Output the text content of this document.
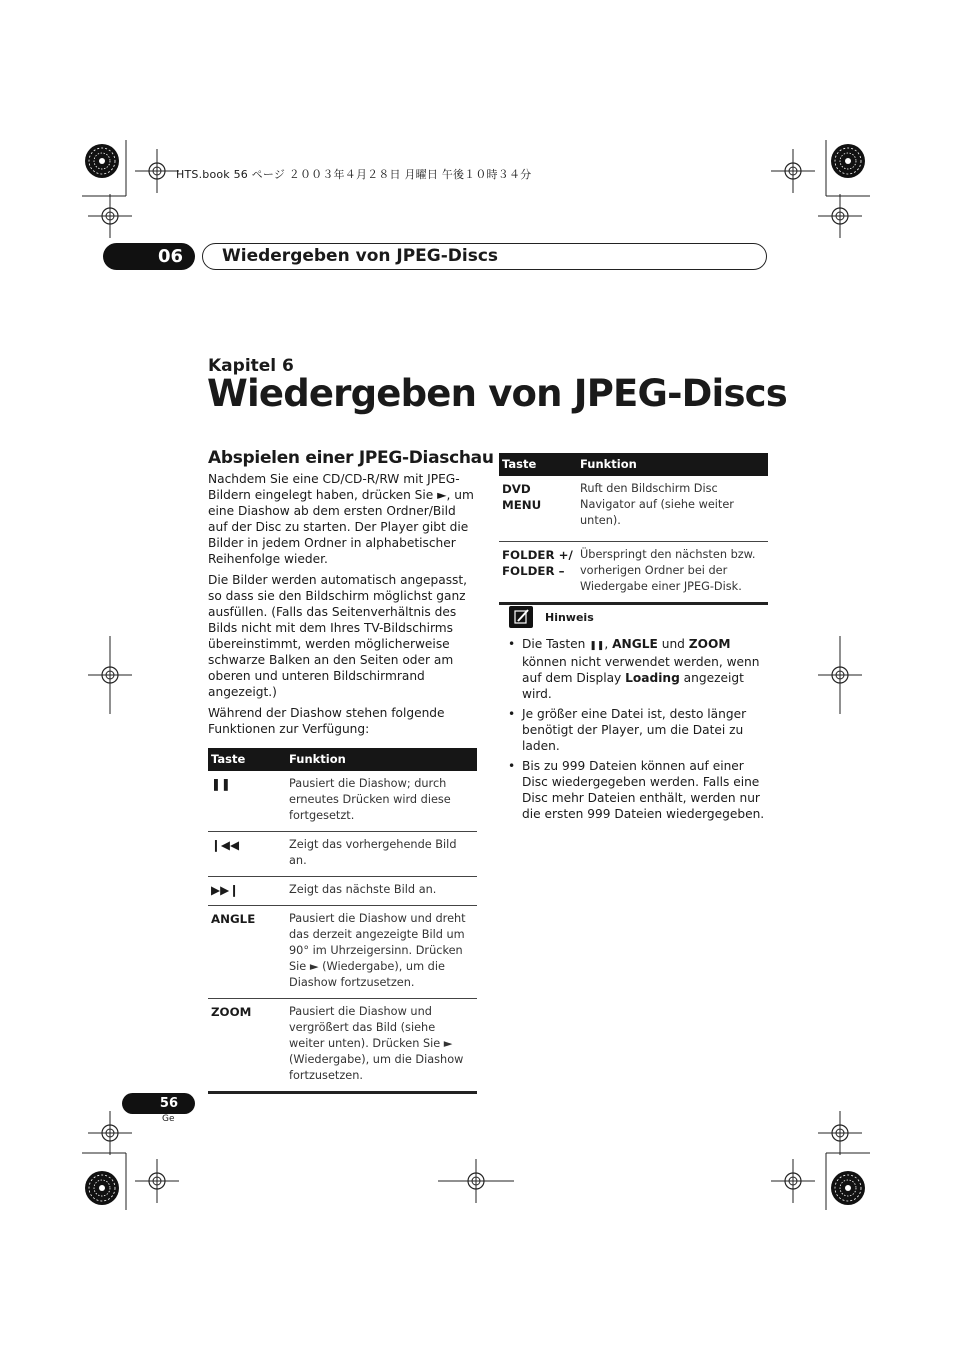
HTS.book 56 ページ ２００３年４月２８日 月曜日 午後１０時３４分
06	Wiedergeben von JPEG-Discs
Kapitel 6
Wiedergeben von JPEG-Discs
Abspielen einer JPEG-Diaschau
Nachdem Sie eine CD/CD-R/RW mit JPEG-Bildern eingelegt haben, drücken Sie ►, um eine Diashow ab dem ersten Ordner/Bild auf der Disc zu starten. Der Player gibt die Bilder in jedem Ordner in alphabetischer Reihenfolge wieder.
Die Bilder werden automatisch angepasst, so dass sie den Bildschirm möglichst ganz ausfüllen. (Falls das Seitenverhältnis des Bilds nicht mit dem Ihres TV-Bildschirms übereinstimmt, werden möglicherweise schwarze Balken an den Seiten oder am oberen und unteren Bildschirmrand angezeigt.)
Während der Diashow stehen folgende Funktionen zur Verfügung:
Taste	Funktion
❚❚	Pausiert die Diashow; durch erneutes Drücken wird diese fortgesetzt.
❙◀◀	Zeigt das vorhergehende Bild an.
▶▶❙	Zeigt das nächste Bild an.
ANGLE	Pausiert die Diashow und dreht das derzeit angezeigte Bild um 90° im Uhrzeigersinn. Drücken Sie ► (Wiedergabe), um die Diashow fortzusetzen.
ZOOM	Pausiert die Diashow und vergrößert das Bild (siehe weiter unten). Drücken Sie ► (Wiedergabe), um die Diashow fortzusetzen.
Taste	Funktion

DVD
MENU	Ruft den Bildschirm Disc Navigator auf (siehe weiter unten).

FOLDER +/
FOLDER –	Überspringt den nächsten bzw. vorherigen Ordner bei der Wiedergabe einer JPEG-Disk.
Hinweis
• Die Tasten ❚❚, ANGLE und ZOOM können nicht verwendet werden, wenn auf dem Display Loading angezeigt wird.
• Je größer eine Datei ist, desto länger benötigt der Player, um die Datei zu laden.
• Bis zu 999 Dateien können auf einer Disc wiedergegeben werden. Falls eine Disc mehr Dateien enthält, werden nur die ersten 999 Dateien wiedergegeben.
56
Ge
